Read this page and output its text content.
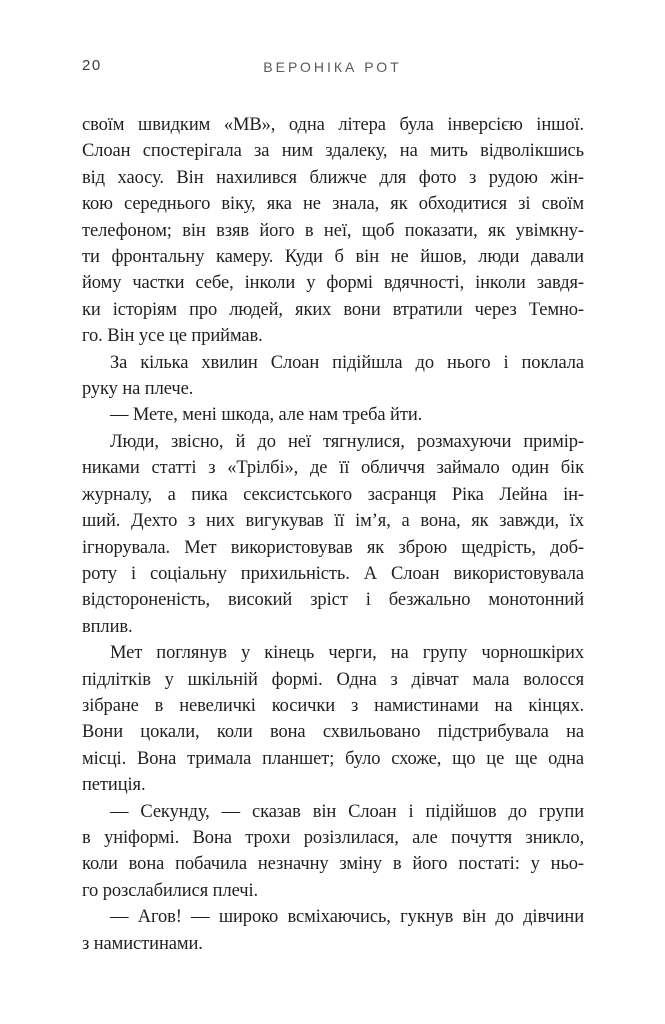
20	ВЕРОНІКА РОТ
своїм швидким «МВ», одна літера була інверсією іншої.
Слоан спостерігала за ним здалеку, на мить відволікшись
від хаосу. Він нахилився ближче для фото з рудою жін-
кою середнього віку, яка не знала, як обходитися зі своїм
телефоном; він взяв його в неї, щоб показати, як увімкну-
ти фронтальну камеру. Куди б він не йшов, люди давали
йому частки себе, інколи у формі вдячності, інколи завдя-
ки історіям про людей, яких вони втратили через Темно-
го. Він усе це приймав.
За кілька хвилин Слоан підійшла до нього і поклала
руку на плече.
— Мете, мені шкода, але нам треба йти.
Люди, звісно, й до неї тягнулися, розмахуючи примір-
никами статті з «Трілбі», де її обличчя займало один бік
журналу, а пика сексистського засранця Ріка Лейна ін-
ший. Дехто з них вигукував її ім’я, а вона, як завжди, їх
ігнорувала. Мет використовував як зброю щедрість, доб-
роту і соціальну прихильність. А Слоан використовувала
відстороненість, високий зріст і безжально монотонний
вплив.
Мет поглянув у кінець черги, на групу чорношкірих
підлітків у шкільній формі. Одна з дівчат мала волосся
зібране в невеличкі косички з намистинами на кінцях.
Вони цокали, коли вона схвильовано підстрибувала на
місці. Вона тримала планшет; було схоже, що це ще одна
петиція.
— Секунду, — сказав він Слоан і підійшов до групи
в уніформі. Вона трохи розізлилася, але почуття зникло,
коли вона побачила незначну зміну в його постаті: у ньо-
го розслабилися плечі.
— Агов! — широко всміхаючись, гукнув він до дівчини
з намистинами.
